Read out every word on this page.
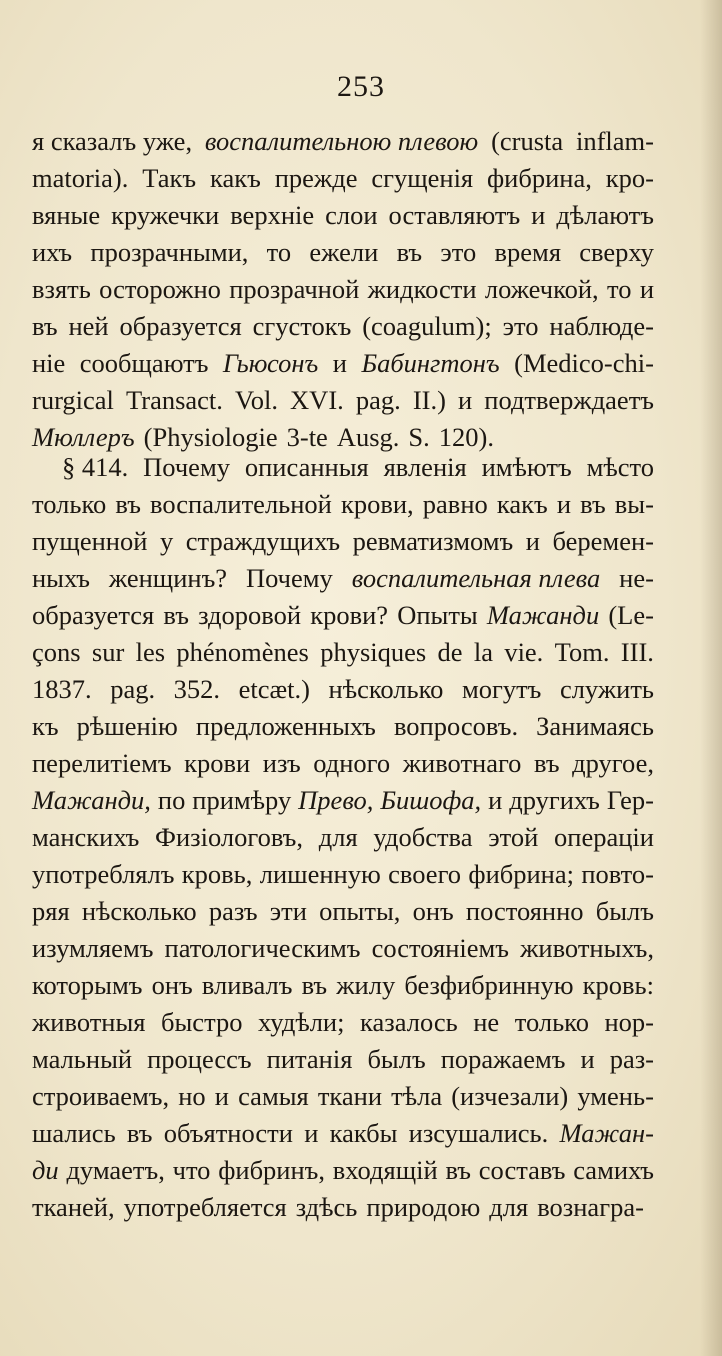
253
я сказалъ уже, воспалительною плевою (crusta inflam-
matoria). Такъ какъ прежде сгущенія фибрина, кро-
вяные кружечки верхніе слои оставляютъ и дѣлаютъ
ихъ прозрачными, то ежели въ это время сверху
взять осторожно прозрачной жидкости ложечкой, то и
въ ней образуется сгустокъ (coagulum); это наблюде-
ніе сообщаютъ Гьюсонъ и Бабингтонъ (Medico-chi-
rurgical Transact. Vol. XVI. pag. II.) и подтверждаетъ
Мюллеръ (Physiologie 3-te Ausg. S. 120).
§ 414. Почему описанныя явленія имѣютъ мѣсто
только въ воспалительной крови, равно какъ и въ вы-
пущенной у страждущихъ ревматизмомъ и беремен-
ныхъ женщинъ? Почему воспалительная плева не-
образуется въ здоровой крови? Опыты Мажанди (Le-
çons sur les phénomènes physiques de la vie. Tom. III.
1837. pag. 352. etcæt.) нѣсколько могутъ служить
къ рѣшенію предложенныхъ вопросовъ. Занимаясь
перелитіемъ крови изъ одного животнаго въ другое,
Мажанди, по примѣру Прево, Бишофа, и другихъ Гер-
манскихъ Физіологовъ, для удобства этой операціи
употреблялъ кровь, лишенную своего фибрина; повто-
ряя нѣсколько разъ эти опыты, онъ постоянно былъ
изумляемъ патологическимъ состояніемъ животныхъ,
которымъ онъ вливалъ въ жилу безфибринную кровь:
животныя быстро худѣли; казалось не только нор-
мальный процессъ питанія былъ поражаемъ и раз-
строиваемъ, но и самыя ткани тѣла (изчезали) умень-
шались въ объятности и какбы изсушались. Мажан-
ди думаетъ, что фибринъ, входящій въ составъ самихъ
тканей, употребляется здѣсь природою для вознагра-
